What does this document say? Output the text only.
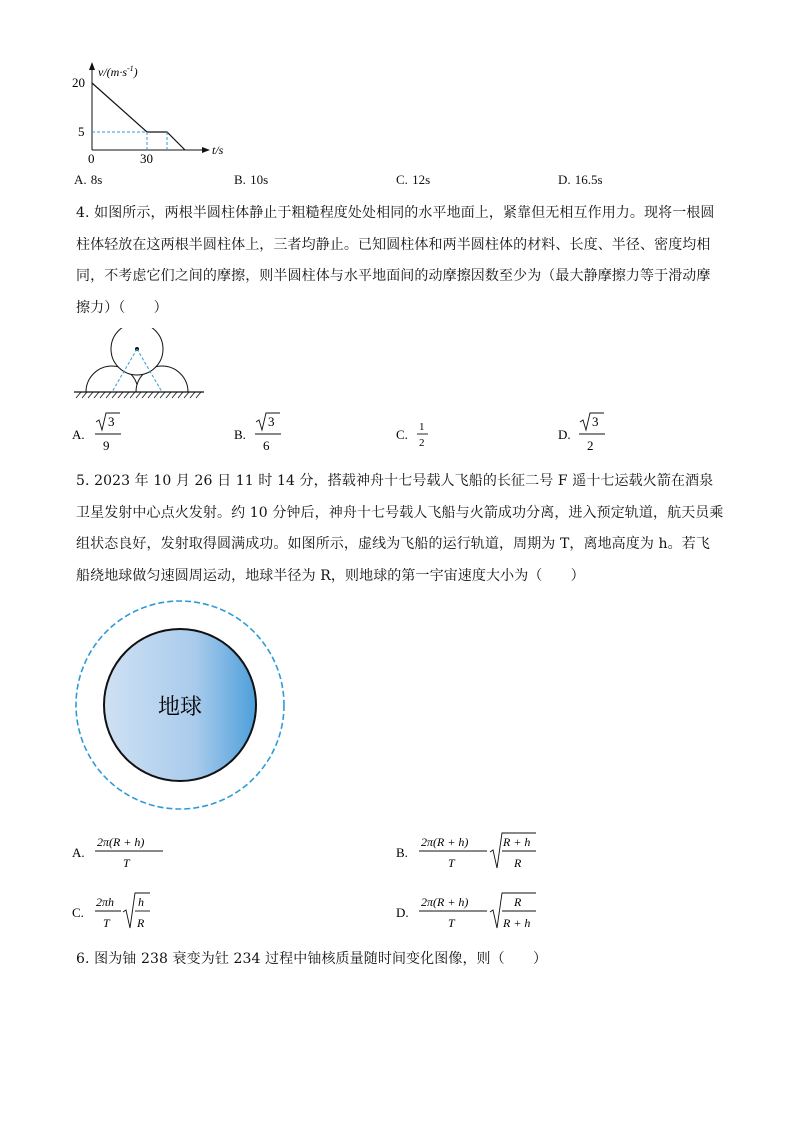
$v/(m\cdot s^{-1})$
20
5
0	30
t/s
A. 8s	B. 10s	C. 12s	D. 16.5s
4. 如图所示，两根半圆柱体静止于粗糙程度处处相同的水平地面上，紧靠但无相互作用力。现将一根圆柱体轻放在这两根半圆柱体上，三者均静止。已知圆柱体和两半圆柱体的材料、长度、半径、密度均相同，不考虑它们之间的摩擦，则半圆柱体与水平地面间的动摩擦因数至少为（最大静摩擦力等于滑动摩擦力）（　　）
A.
3
9
B.
3
6
C. 1
2
D.
3
2
5. 2023 年 10 月 26 日 11 时 14 分，搭载神舟十七号载人飞船的长征二号 F 遥十七运载火箭在酒泉卫星发射中心点火发射。约 10 分钟后，神舟十七号载人飞船与火箭成功分离，进入预定轨道，航天员乘组状态良好，发射取得圆满成功。如图所示，虚线为飞船的运行轨道，周期为 T，离地高度为 h。若飞船绕地球做匀速圆周运动，地球半径为 R，则地球的第一宇宙速度大小为（　　）
地球
A.
2π(R + h)
T
B.
2π(R + h)
T
R + h
R
C.
2πh
T
h
R
D.
2π(R + h)
T
R
R + h
6. 图为铀 238 衰变为钍 234 过程中铀核质量随时间变化图像，则（　　）
